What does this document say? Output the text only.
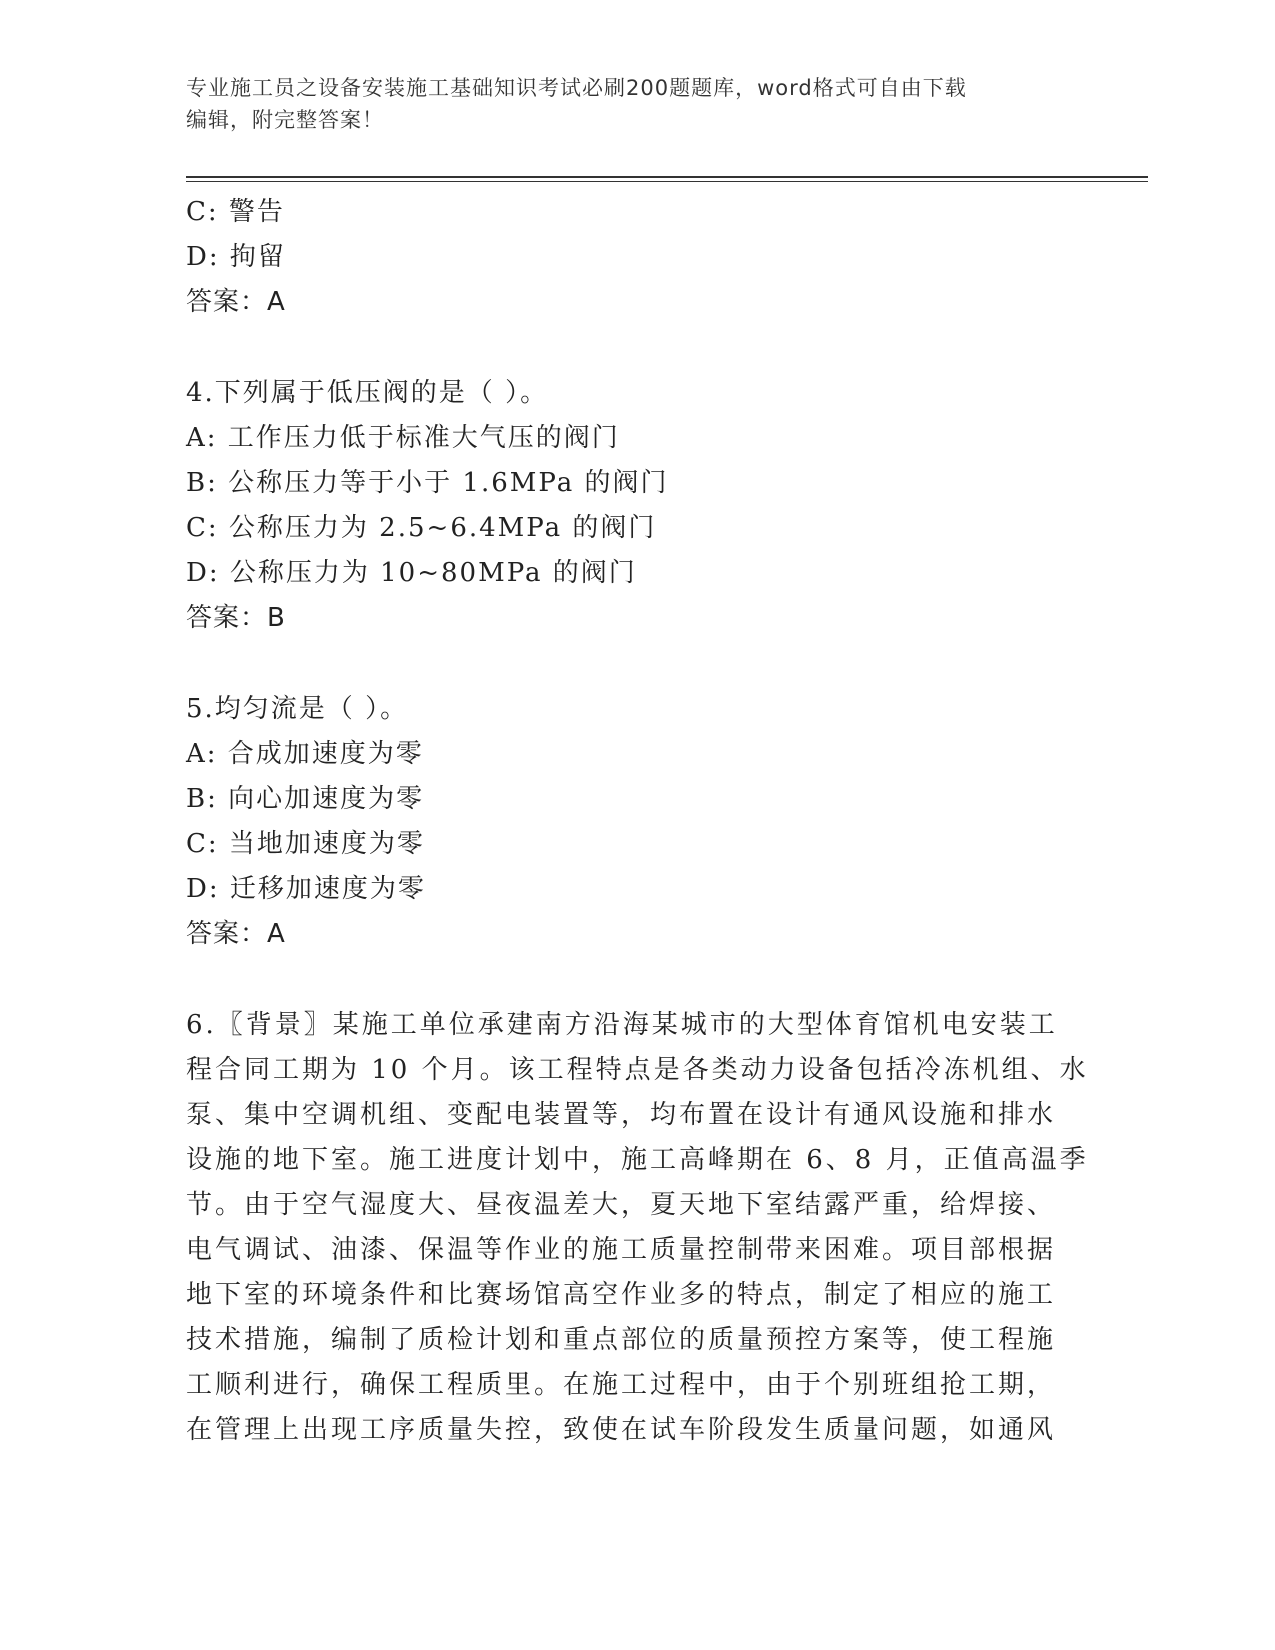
专业施工员之设备安装施工基础知识考试必刷200题题库，word格式可自由下载
编辑，附完整答案！
C: 警告
D: 拘留
答案：A
4.下列属于低压阀的是（ ）。
A: 工作压力低于标准大气压的阀门
B: 公称压力等于小于 1.6MPa 的阀门
C: 公称压力为 2.5~6.4MPa 的阀门
D: 公称压力为 10~80MPa 的阀门
答案：B
5.均匀流是（ ）。
A: 合成加速度为零
B: 向心加速度为零
C: 当地加速度为零
D: 迁移加速度为零
答案：A
6.〖背景〗某施工单位承建南方沿海某城市的大型体育馆机电安装工
程合同工期为 10 个月。该工程特点是各类动力设备包括冷冻机组、水
泵、集中空调机组、变配电装置等，均布置在设计有通风设施和排水
设施的地下室。施工进度计划中，施工高峰期在 6、8 月，正值高温季
节。由于空气湿度大、昼夜温差大，夏天地下室结露严重，给焊接、
电气调试、油漆、保温等作业的施工质量控制带来困难。项目部根据
地下室的环境条件和比赛场馆高空作业多的特点，制定了相应的施工
技术措施，编制了质检计划和重点部位的质量预控方案等，使工程施
工顺利进行，确保工程质里。在施工过程中，由于个别班组抢工期，
在管理上出现工序质量失控，致使在试车阶段发生质量问题，如通风
